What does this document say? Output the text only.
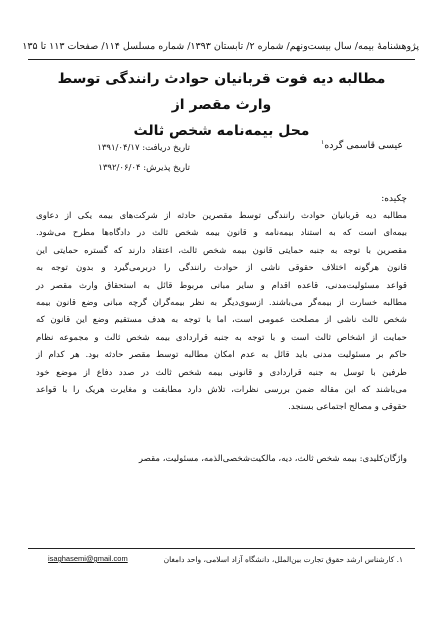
پژوهشنامهٔ بیمه/ سال بیست‌ونهم/ شماره ۲/ تابستان ۱۳۹۳/ شماره مسلسل ۱۱۴/ صفحات ۱۱۳ تا ۱۳۵
مطالبه دیه فوت قربانیان حوادث رانندگی توسط وارث مقصر از
محل بیمه‌نامه شخص ثالث
عیسی قاسمی گرده$^۱$
تاریخ دریافت: ۱۳۹۱/۰۴/۱۷
تاریخ پذیرش: ۱۳۹۲/۰۶/۰۴
چکیده:
مطالبه دیه قربانیان حوادث رانندگی توسط مقصرین حادثه از شرکت‌های بیمه یکی از دعاوی
بیمه‌ای است که به استناد بیمه‌نامه و قانون بیمه شخص ثالث در دادگاه‌ها مطرح می‌شود.
مقصرین با توجه به جنبه حمایتی قانون بیمه شخص ثالث، اعتقاد دارند که گستره حمایتی این
قانون هرگونه اختلاف حقوقی ناشی از حوادث رانندگی را دربرمی‌گیرد و بدون توجه به
قواعد مسئولیت‌مدنی، قاعده اقدام و سایر مبانی مربوط قائل به استحقاق وارث مقصر در
مطالبه خسارت از بیمه‌گر می‌باشند. ازسوی‌دیگر به نظر بیمه‌گران گرچه مبانی وضع قانون بیمه
شخص ثالث ناشی از مصلحت عمومی است، اما با توجه به هدف مستقیم وضع این قانون که
حمایت از اشخاص ثالث است و با توجه به جنبه قراردادی بیمه شخص ثالث و مجموعه نظام
حاکم بر مسئولیت مدنی باید قائل به عدم امکان مطالبه توسط مقصر حادثه بود. هر کدام از
طرفین با توسل به جنبه قراردادی و قانونی بیمه شخص ثالث در صدد دفاع از موضع خود
می‌باشند که این مقاله ضمن بررسی نظرات، تلاش دارد مطابقت و مغایرت هریک را با قواعد
حقوقی و مصالح اجتماعی بسنجد.
واژگان‌کلیدی: بیمه شخص ثالث، دیه، مالکیت‌شخصی‌الذمه، مسئولیت، مقصر
۱. کارشناس ارشد حقوق تجارت بین‌الملل، دانشگاه آزاد اسلامی، واحد دامغان
isaghasemi@gmail.com
